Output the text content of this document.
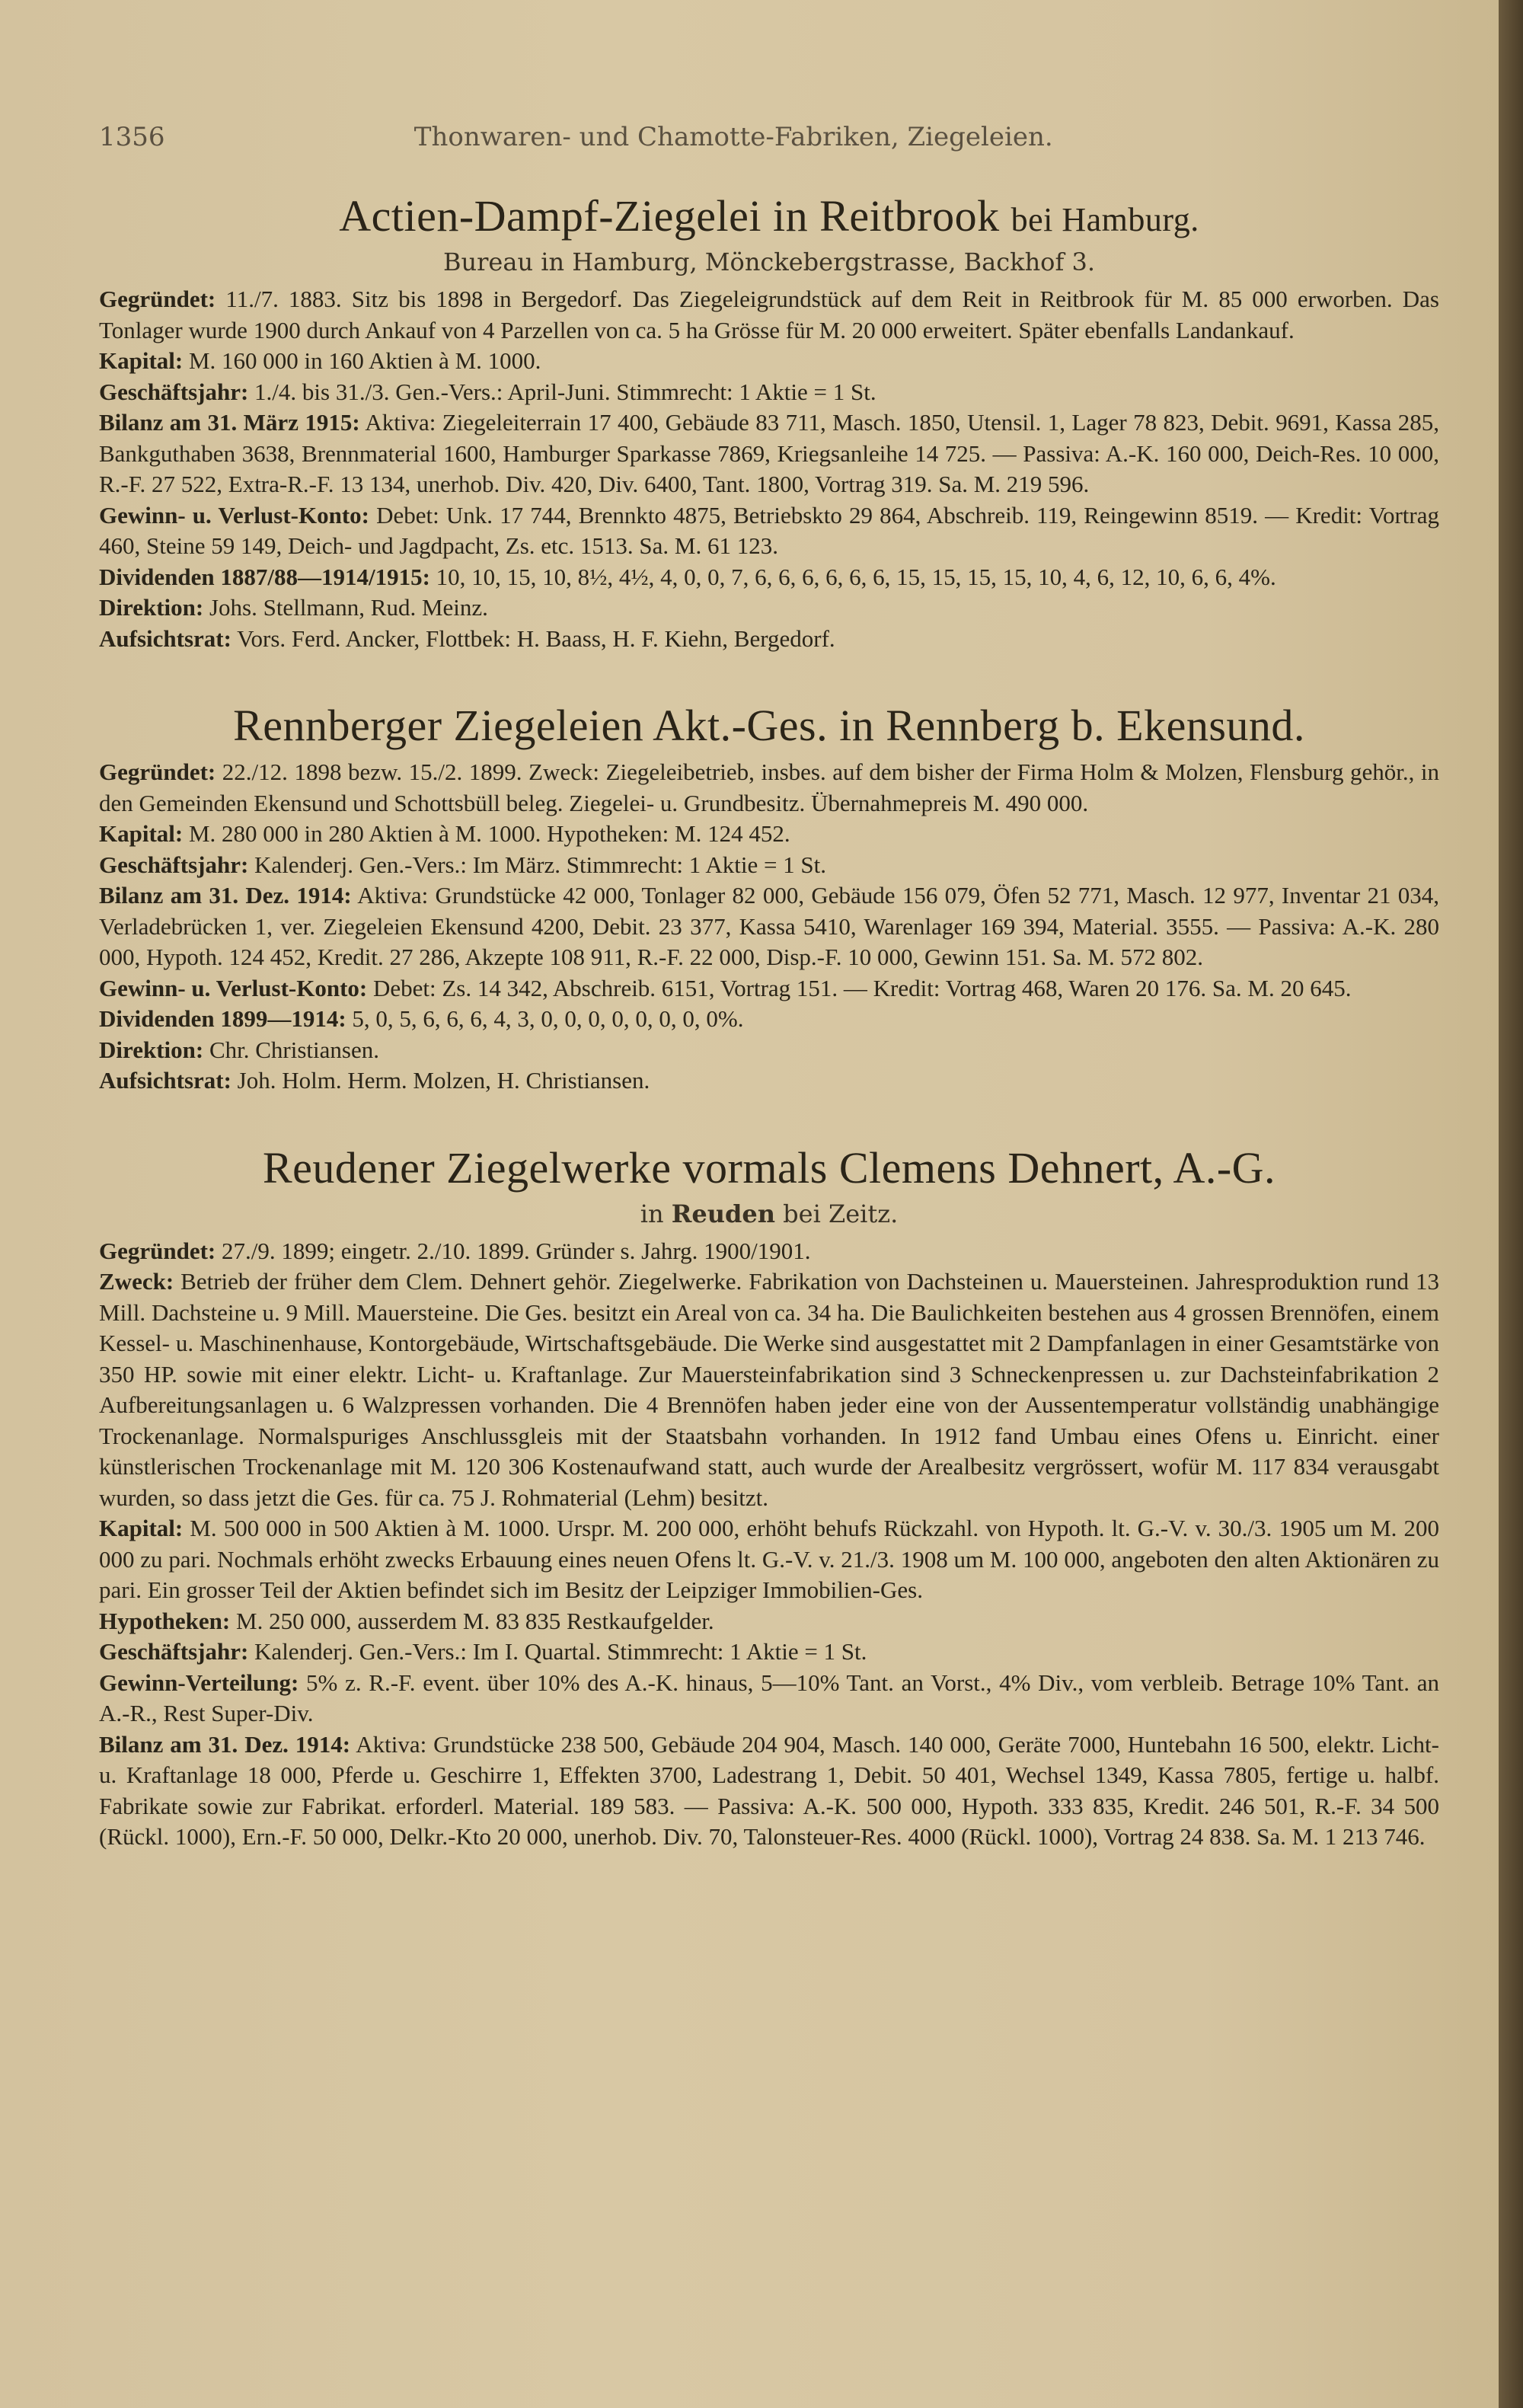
1356	Thonwaren- und Chamotte-Fabriken, Ziegeleien.
Actien-Dampf-Ziegelei in Reitbrook bei Hamburg.
Bureau in Hamburg, Mönckebergstrasse, Backhof 3.

Gegründet: 11./7. 1883. Sitz bis 1898 in Bergedorf. Das Ziegeleigrundstück auf dem Reit in Reitbrook für M. 85 000 erworben. Das Tonlager wurde 1900 durch Ankauf von 4 Parzellen von ca. 5 ha Grösse für M. 20 000 erweitert. Später ebenfalls Landankauf.

Kapital: M. 160 000 in 160 Aktien à M. 1000.

Geschäftsjahr: 1./4. bis 31./3. Gen.-Vers.: April-Juni. Stimmrecht: 1 Aktie = 1 St.

Bilanz am 31. März 1915: Aktiva: Ziegeleiterrain 17 400, Gebäude 83 711, Masch. 1850, Utensil. 1, Lager 78 823, Debit. 9691, Kassa 285, Bankguthaben 3638, Brennmaterial 1600, Hamburger Sparkasse 7869, Kriegsanleihe 14 725. — Passiva: A.-K. 160 000, Deich-Res. 10 000, R.-F. 27 522, Extra-R.-F. 13 134, unerhob. Div. 420, Div. 6400, Tant. 1800, Vortrag 319. Sa. M. 219 596.

Gewinn- u. Verlust-Konto: Debet: Unk. 17 744, Brennkto 4875, Betriebskto 29 864, Abschreib. 119, Reingewinn 8519. — Kredit: Vortrag 460, Steine 59 149, Deich- und Jagdpacht, Zs. etc. 1513. Sa. M. 61 123.

Dividenden 1887/88—1914/1915: 10, 10, 15, 10, 8½, 4½, 4, 0, 0, 7, 6, 6, 6, 6, 6, 6, 15, 15, 15, 15, 10, 4, 6, 12, 10, 6, 6, 4%.

Direktion: Johs. Stellmann, Rud. Meinz.

Aufsichtsrat: Vors. Ferd. Ancker, Flottbek: H. Baass, H. F. Kiehn, Bergedorf.

Rennberger Ziegeleien Akt.-Ges. in Rennberg b. Ekensund.

Gegründet: 22./12. 1898 bezw. 15./2. 1899. Zweck: Ziegeleibetrieb, insbes. auf dem bisher der Firma Holm & Molzen, Flensburg gehör., in den Gemeinden Ekensund und Schottsbüll beleg. Ziegelei- u. Grundbesitz. Übernahmepreis M. 490 000.

Kapital: M. 280 000 in 280 Aktien à M. 1000. Hypotheken: M. 124 452.

Geschäftsjahr: Kalenderj. Gen.-Vers.: Im März. Stimmrecht: 1 Aktie = 1 St.

Bilanz am 31. Dez. 1914: Aktiva: Grundstücke 42 000, Tonlager 82 000, Gebäude 156 079, Öfen 52 771, Masch. 12 977, Inventar 21 034, Verladebrücken 1, ver. Ziegeleien Ekensund 4200, Debit. 23 377, Kassa 5410, Warenlager 169 394, Material. 3555. — Passiva: A.-K. 280 000, Hypoth. 124 452, Kredit. 27 286, Akzepte 108 911, R.-F. 22 000, Disp.-F. 10 000, Gewinn 151. Sa. M. 572 802.

Gewinn- u. Verlust-Konto: Debet: Zs. 14 342, Abschreib. 6151, Vortrag 151. — Kredit: Vortrag 468, Waren 20 176. Sa. M. 20 645.

Dividenden 1899—1914: 5, 0, 5, 6, 6, 6, 4, 3, 0, 0, 0, 0, 0, 0, 0, 0%.

Direktion: Chr. Christiansen.

Aufsichtsrat: Joh. Holm. Herm. Molzen, H. Christiansen.

Reudener Ziegelwerke vormals Clemens Dehnert, A.-G.
in Reuden bei Zeitz.

Gegründet: 27./9. 1899; eingetr. 2./10. 1899. Gründer s. Jahrg. 1900/1901.

Zweck: Betrieb der früher dem Clem. Dehnert gehör. Ziegelwerke. Fabrikation von Dachsteinen u. Mauersteinen. Jahresproduktion rund 13 Mill. Dachsteine u. 9 Mill. Mauersteine. Die Ges. besitzt ein Areal von ca. 34 ha. Die Baulichkeiten bestehen aus 4 grossen Brennöfen, einem Kessel- u. Maschinenhause, Kontorgebäude, Wirtschaftsgebäude. Die Werke sind ausgestattet mit 2 Dampfanlagen in einer Gesamtstärke von 350 HP. sowie mit einer elektr. Licht- u. Kraftanlage. Zur Mauersteinfabrikation sind 3 Schneckenpressen u. zur Dachsteinfabrikation 2 Aufbereitungsanlagen u. 6 Walzpressen vorhanden. Die 4 Brennöfen haben jeder eine von der Aussentemperatur vollständig unabhängige Trockenanlage. Normalspuriges Anschlussgleis mit der Staatsbahn vorhanden. In 1912 fand Umbau eines Ofens u. Einricht. einer künstlerischen Trockenanlage mit M. 120 306 Kostenaufwand statt, auch wurde der Arealbesitz vergrössert, wofür M. 117 834 verausgabt wurden, so dass jetzt die Ges. für ca. 75 J. Rohmaterial (Lehm) besitzt.

Kapital: M. 500 000 in 500 Aktien à M. 1000. Urspr. M. 200 000, erhöht behufs Rückzahl. von Hypoth. lt. G.-V. v. 30./3. 1905 um M. 200 000 zu pari. Nochmals erhöht zwecks Erbauung eines neuen Ofens lt. G.-V. v. 21./3. 1908 um M. 100 000, angeboten den alten Aktionären zu pari. Ein grosser Teil der Aktien befindet sich im Besitz der Leipziger Immobilien-Ges.

Hypotheken: M. 250 000, ausserdem M. 83 835 Restkaufgelder.

Geschäftsjahr: Kalenderj. Gen.-Vers.: Im I. Quartal. Stimmrecht: 1 Aktie = 1 St.

Gewinn-Verteilung: 5% z. R.-F. event. über 10% des A.-K. hinaus, 5—10% Tant. an Vorst., 4% Div., vom verbleib. Betrage 10% Tant. an A.-R., Rest Super-Div.

Bilanz am 31. Dez. 1914: Aktiva: Grundstücke 238 500, Gebäude 204 904, Masch. 140 000, Geräte 7000, Huntebahn 16 500, elektr. Licht- u. Kraftanlage 18 000, Pferde u. Geschirre 1, Effekten 3700, Ladestrang 1, Debit. 50 401, Wechsel 1349, Kassa 7805, fertige u. halbf. Fabrikate sowie zur Fabrikat. erforderl. Material. 189 583. — Passiva: A.-K. 500 000, Hypoth. 333 835, Kredit. 246 501, R.-F. 34 500 (Rückl. 1000), Ern.-F. 50 000, Delkr.-Kto 20 000, unerhob. Div. 70, Talonsteuer-Res. 4000 (Rückl. 1000), Vortrag 24 838. Sa. M. 1 213 746.
